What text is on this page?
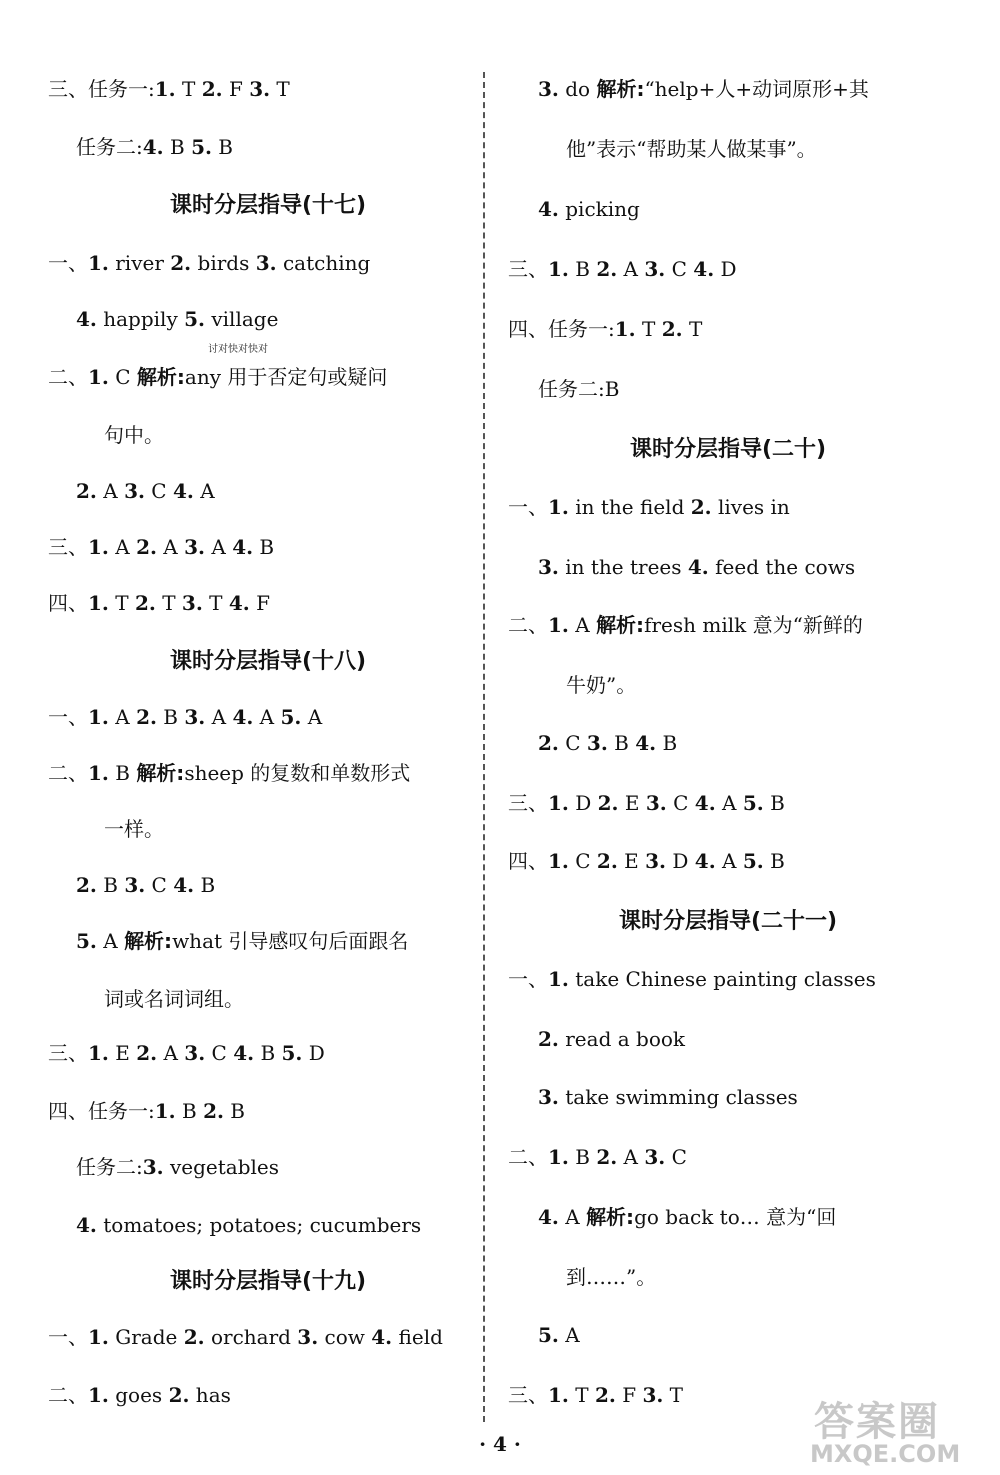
三、任务一:1. T 2. F 3. T
任务二:4. B 5. B
课时分层指导(十七)
一、1. river 2. birds 3. catching
4. happily 5. village
讨对快对快对
二、1. C 解析:any 用于否定句或疑问
句中。
2. A 3. C 4. A
三、1. A 2. A 3. A 4. B
四、1. T 2. T 3. T 4. F
课时分层指导(十八)
一、1. A 2. B 3. A 4. A 5. A
二、1. B 解析:sheep 的复数和单数形式
一样。
2. B 3. C 4. B
5. A 解析:what 引导感叹句后面跟名
词或名词词组。
三、1. E 2. A 3. C 4. B 5. D
四、任务一:1. B 2. B
任务二:3. vegetables
4. tomatoes; potatoes; cucumbers
课时分层指导(十九)
一、1. Grade 2. orchard 3. cow 4. field
二、1. goes 2. has
3. do 解析:“help+人+动词原形+其
他”表示“帮助某人做某事”。
4. picking
三、1. B 2. A 3. C 4. D
四、任务一:1. T 2. T
任务二:B
课时分层指导(二十)
一、1. in the field 2. lives in
3. in the trees 4. feed the cows
二、1. A 解析:fresh milk 意为“新鲜的
牛奶”。
2. C 3. B 4. B
三、1. D 2. E 3. C 4. A 5. B
四、1. C 2. E 3. D 4. A 5. B
课时分层指导(二十一)
一、1. take Chinese painting classes
2. read a book
3. take swimming classes
二、1. B 2. A 3. C
4. A 解析:go back to… 意为“回
到……”。
5. A
三、1. T 2. F 3. T
· 4 ·	答案圈
MXQE.COM
